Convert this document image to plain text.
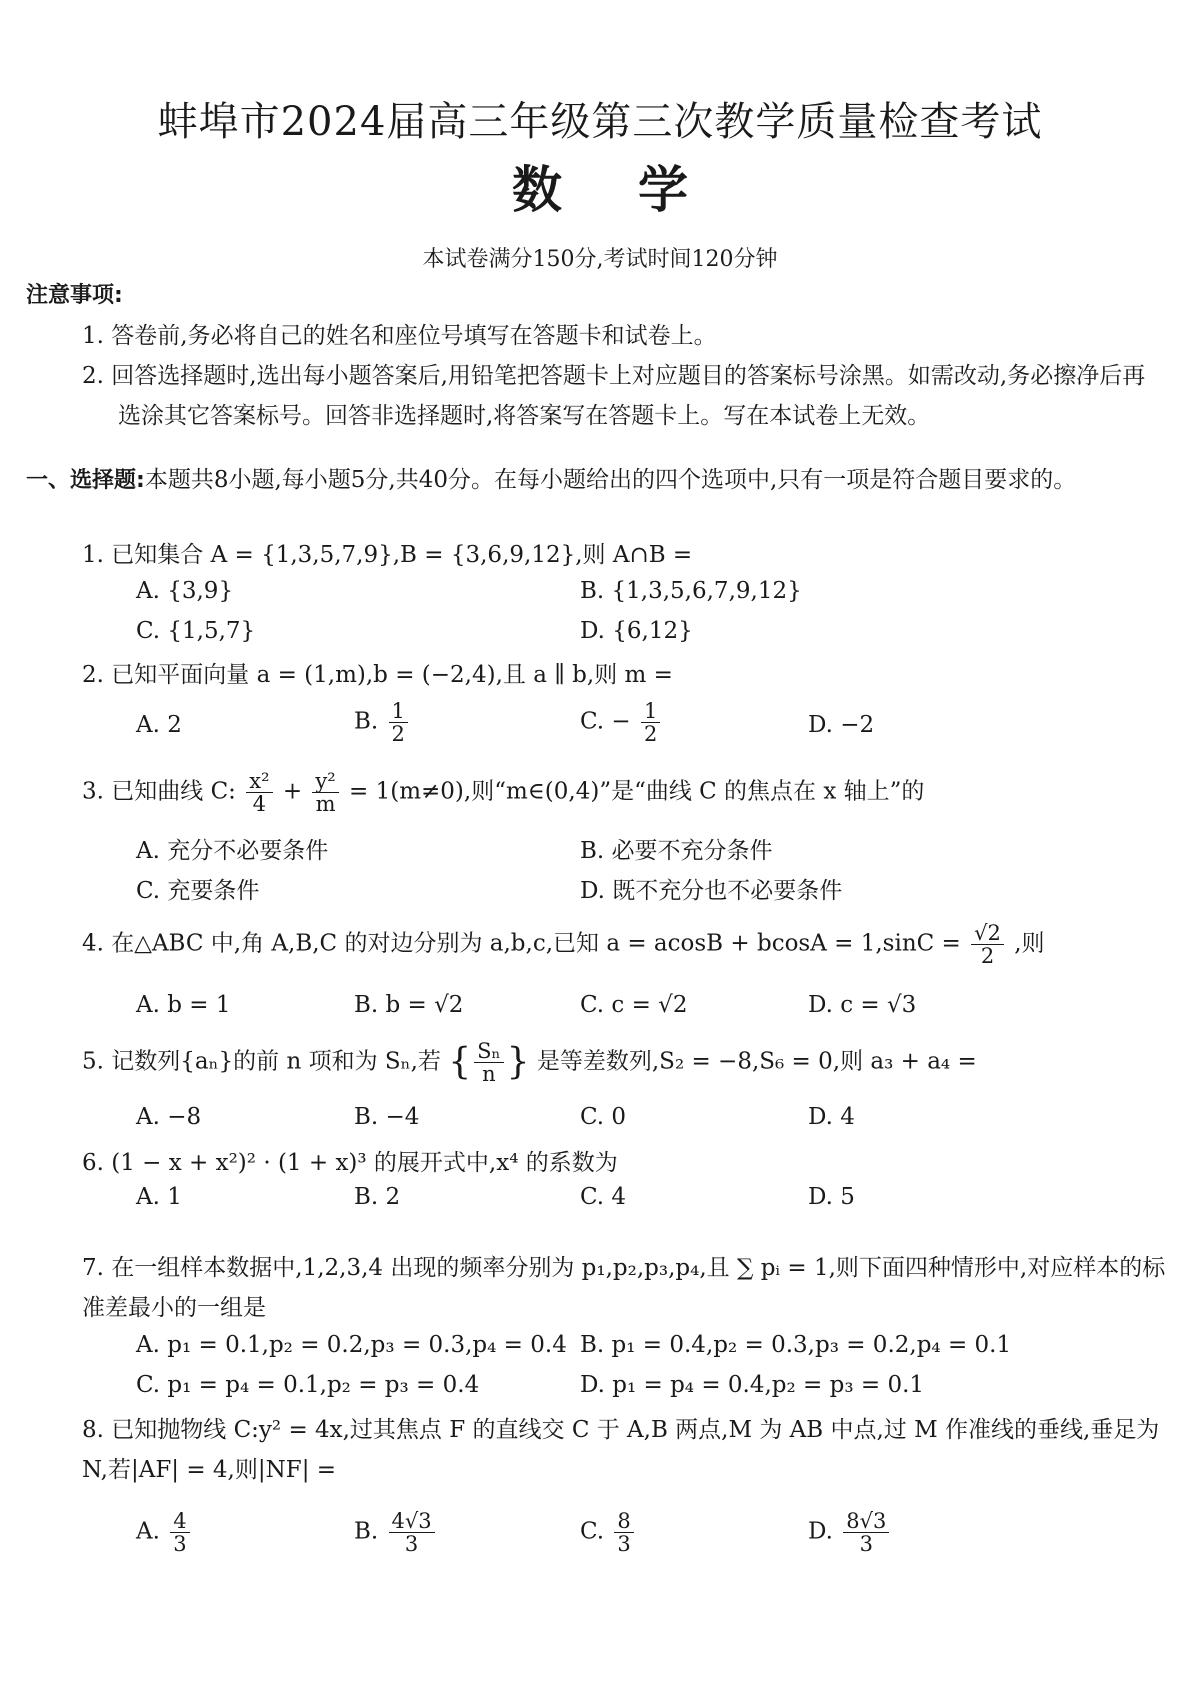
蚌埠市2024届高三年级第三次教学质量检查考试
数 学
本试卷满分150分,考试时间120分钟
注意事项:
1. 答卷前,务必将自己的姓名和座位号填写在答题卡和试卷上。
2. 回答选择题时,选出每小题答案后,用铅笔把答题卡上对应题目的答案标号涂黑。如需改动,务必擦净后再选涂其它答案标号。回答非选择题时,将答案写在答题卡上。写在本试卷上无效。
一、选择题:本题共8小题,每小题5分,共40分。在每小题给出的四个选项中,只有一项是符合题目要求的。
1. 已知集合 A = {1,3,5,7,9},B = {3,6,9,12},则 A∩B =
A. {3,9}	B. {1,3,5,6,7,9,12}
C. {1,5,7}	D. {6,12}
2. 已知平面向量 a = (1,m),b = (−2,4),且 a ∥ b,则 m =
A. 2	B. $\frac{1}{2}$	C. − $\frac{1}{2}$	D. −2
3. 已知曲线 C: $\frac{\text{x²}}{4} + \frac{\text{y²}}{m} = 1(m\ne 0)$,则“m∈(0,4)”是“曲线 C 的焦点在 x 轴上”的
A. 充分不必要条件	B. 必要不充分条件
C. 充要条件	D. 既不充分也不必要条件
4. 在△ABC 中,角 A,B,C 的对边分别为 a,b,c,已知 $a = acosB + bcosA = 1,\sin C = \frac{√2}{2}$ ,则
A. b = 1	B. b = √2	C. c = √2	D. c = √3
5. 记数列{aₙ}的前 n 项和为 Sₙ,若 { $\frac{\text{Sₙ}}{n}$ } 是等差数列,S₂ = −8,S₆ = 0,则 a₃ + a₄ =
A. −8	B. −4	C. 0	D. 4
6. (1 − x + x²)² · (1 + x)³ 的展开式中,x⁴ 的系数为
A. 1	B. 2	C. 4	D. 5
7. 在一组样本数据中,1,2,3,4 出现的频率分别为 p₁,p₂,p₃,p₄,且 ∑ pᵢ = 1,则下面四种情形中,对应样本的标准差最小的一组是
A. p₁ = 0.1,p₂ = 0.2,p₃ = 0.3,p₄ = 0.4 B. p₁ = 0.4,p₂ = 0.3,p₃ = 0.2,p₄ = 0.1
C. p₁ = p₄ = 0.1,p₂ = p₃ = 0.4	D. p₁ = p₄ = 0.4,p₂ = p₃ = 0.1
8. 已知抛物线 C:y² = 4x,过其焦点 F 的直线交 C 于 A,B 两点,M 为 AB 中点,过 M 作准线的垂线,垂足为 N,若|AF| = 4,则|NF| =
A. $\frac{4}{3}$	B. $\frac{4√3}{3}$	C. $\frac{8}{3}$	D. $\frac{8√3}{3}$
